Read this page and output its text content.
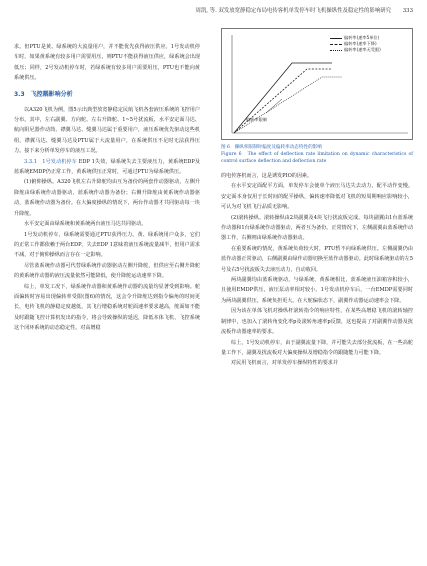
周凯, 等. 双发放宽静稳定布局电传客机单发停车时飞机操纵性及稳定性的影响研究 333

求。但PTU是黄、绿系统的大流量用户，并不能优先获得液压供应。1号发动机停车时，如果黄系统有较多用户需要用压，则PTU不能获得液压供应，绿系统会出现低压；同样，2号发动机停车时，若绿系统有较多用户需要用压，PTU也不能向黄系统供压。

3.3　飞控耦影响分析

以A320飞机为例，图5示出典型放宽静稳定民航飞机各套液压系统的飞控用户分布。其中，左右副翼、方向舵、左右升降舵、1~5号扰流板、水平安定面马达、航向阻尼器作动筒、襟翼马达、缝翼马达属于重要用户，液压系统优先驱动这些机组，襟翼马达、缝翼马达及PTU属于大流量用户，在系统供压不足时无法获得压力。接下来分析单发停车的液压工况。

3.3.1　1号发动机停车 EDP 1失效，绿系统失去主要液压力，黄系统EDP及蓝系统EMDP仍正常工作，黄系统供压正常时，可通过PTU为绿系统供压。

(1)俯仰操纵。A320飞机左右升降舵均由互为备份的两套作动器驱动，左侧升降舵由绿系统作动器驱动，蓝系统作动器为备份；右侧升降舵由黄系统作动器驱动，蓝系统作动器为备份。在大偏度操纵的情况下，两台作动器才共同驱动每一块升降舵。

水平安定面由绿系统和黄系统两台液压马达共同驱动。

1号发动机停车，绿系统需要通过PTU获得压力。黄、绿系统用户众多，它们的正常工作都依赖于两台EDP。失去EDP 1意味着液压系统流量减半，但用户需求不减，对于俯仰操纵而言存在一定影响。

尽管蓝系统作动器可代替绿系统作动器驱动左侧升降舵，但供应至右侧升降舵的黄系统作动器的液压流量依然可能降低，使升降舵运动速率下降。

综上，单发工况下，绿系统作动器和黄系统作动器的流量均显著受到影响。舵面偏转时容易出现偏转率受限(图6)的情况，这会令升降舵达到指令偏角的时间更长，电传飞机的静稳定度越低，其飞行增稳系统对舵面速率要求越高，舵面如不能及时跟随飞控计算机发出的指令，将会导致操纵的延迟，降低本体飞机、飞控系统这个闭环系统的动态稳定性。对高增稳

偏转率(速率5单位)
偏转率(速率下降)
偏转率(速率无受限)
偏转率限制
图 6　操纵率限制时偏度及偏转率动态特性的影响
Figure 6　The effect of deflection rate limitation on dynamic characteristics of control surface deflection and deflection rate

的电传客机而言，这是诱发PIO的因素。

在水平安定面配平方面，单发停车会使单个液压马达失去动力，配平动作变慢。安定面本身仅用于长时间的配平操纵，偏转速率降低对飞机的短周期响应影响较小，可认为对飞机飞行品质无影响。

(2)滚转操纵。滚转操纵由2块副翼及4块飞行扰流板完成。每块副翼由1台蓝系统作动器和1台绿系统作动器驱动，两者互为备份。正常情况下，左侧副翼由蓝系统作动器工作，右侧则由绿系统作动器驱动。

在重要系统的情况，黄系统负荷较大时，PTU暂不向绿系统供压。左侧副翼仍由蓝作动器正常驱动，右侧副翼由绿作动器切换至蓝作动器驱动。此时绿系统驱动的左5号及右5号扰流板失去液压动力，自动收回。

两块副翼均由蓝系统驱动，与绿系统、黄系统相比，蓝系统液压油箱容积较小，且使用EMDP供压，液压泵动率相对较小。1号发动机停车后，一台EMDP需要同时为两块副翼供压，系统负担更大。在大舵偏状态下，副翼作动器运动速率会下降。

因为该在单体飞机对操纵杆滚转指令的响应特性，在某些高增稳飞机的滚转轴控制律中，也加入了滚转角变化率p及滚转角速率p反馈，这也提高了对副翼作动器及扰流板作动器速率的要求。

综上，1号发动机停车，由于副翼流量下降，并可能失去部分扰流板，在一些高舵量工作下，副翼及扰流板对大偏度操纵及增稳指令的跟随能力可能下降。

对民用飞机而言，对单发停车操纵特性的要求并
